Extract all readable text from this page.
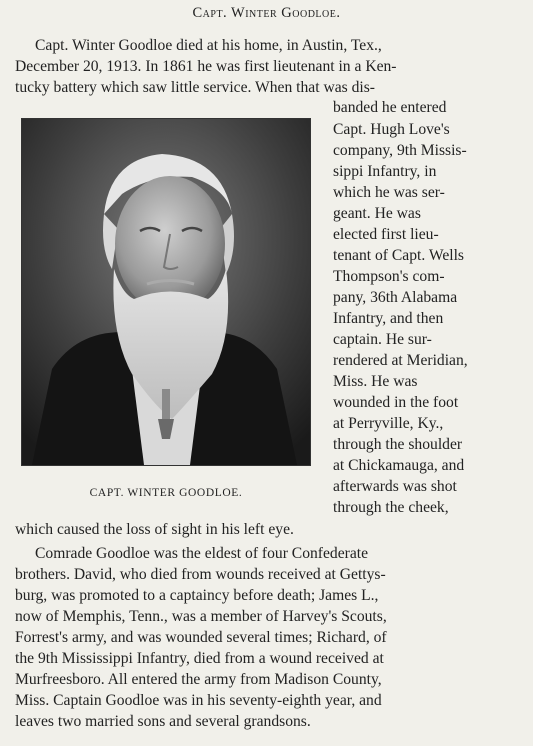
Capt. Winter Goodloe.
Capt. Winter Goodloe died at his home, in Austin, Tex.,
December 20, 1913. In 1861 he was first lieutenant in a Ken-
tucky battery which saw little service. When that was dis-
banded he entered
Capt. Hugh Love's
company, 9th Missis-
sippi Infantry, in
which he was ser-
geant. He was
elected first lieu-
tenant of Capt. Wells
Thompson's com-
pany, 36th Alabama
Infantry, and then
captain. He sur-
rendered at Meridian,
Miss. He was
wounded in the foot
at Perryville, Ky.,
through the shoulder
at Chickamauga, and
afterwards was shot
through the cheek,
which caused the loss of sight in his left eye.
Comrade Goodloe was the eldest of four Confederate
brothers. David, who died from wounds received at Gettys-
burg, was promoted to a captaincy before death; James L.,
now of Memphis, Tenn., was a member of Harvey's Scouts,
Forrest's army, and was wounded several times; Richard, of
the 9th Mississippi Infantry, died from a wound received at
Murfreesboro. All entered the army from Madison County,
Miss. Captain Goodloe was in his seventy-eighth year, and
leaves two married sons and several grandsons.
CAPT. WINTER GOODLOE.
